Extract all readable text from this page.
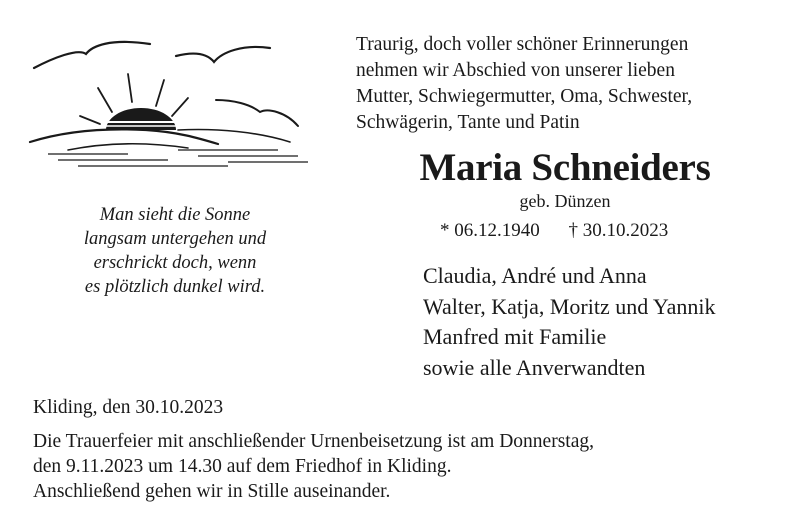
Man sieht die Sonne
langsam untergehen und
erschrickt doch, wenn
es plötzlich dunkel wird.
Traurig, doch voller schöner Erinnerungen
nehmen wir Abschied von unserer lieben
Mutter, Schwiegermutter, Oma, Schwester,
Schwägerin, Tante und Patin
Maria Schneiders
geb. Dünzen
* 06.12.1940 † 30.10.2023
Claudia, André und Anna
Walter, Katja, Moritz und Yannik
Manfred mit Familie
sowie alle Anverwandten
Kliding, den 30.10.2023
Die Trauerfeier mit anschließender Urnenbeisetzung ist am Donnerstag,
den 9.11.2023 um 14.30 auf dem Friedhof in Kliding.
Anschließend gehen wir in Stille auseinander.
